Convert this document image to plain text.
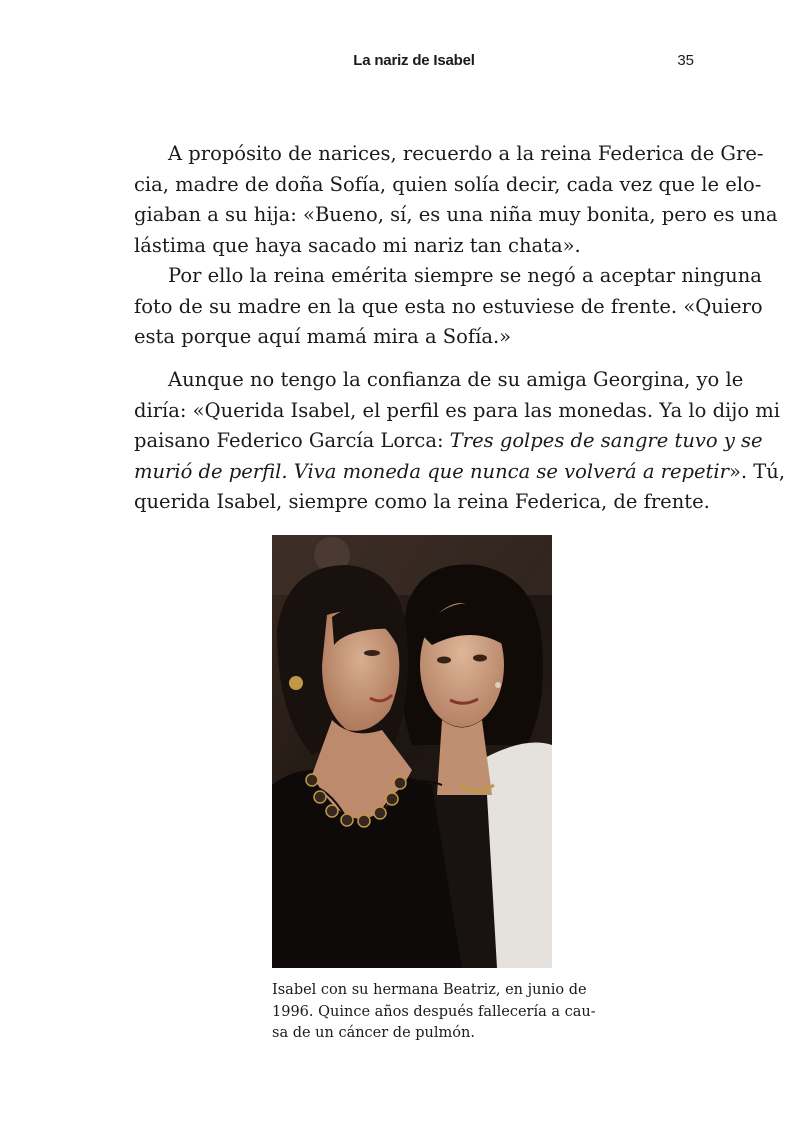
La nariz de Isabel	35
A propósito de narices, recuerdo a la reina Federica de Gre-
cia, madre de doña Sofía, quien solía decir, cada vez que le elo-
giaban a su hija: «Bueno, sí, es una niña muy bonita, pero es una
lástima que haya sacado mi nariz tan chata».
Por ello la reina emérita siempre se negó a aceptar ninguna
foto de su madre en la que esta no estuviese de frente. «Quiero
esta porque aquí mamá mira a Sofía.»
Aunque no tengo la confianza de su amiga Georgina, yo le
diría: «Querida Isabel, el perfil es para las monedas. Ya lo dijo mi
paisano Federico García Lorca: Tres golpes de sangre tuvo y se
murió de perfil. Viva moneda que nunca se volverá a repetir». Tú,
querida Isabel, siempre como la reina Federica, de frente.
Isabel con su hermana Beatriz, en junio de
1996. Quince años después fallecería a cau-
sa de un cáncer de pulmón.
